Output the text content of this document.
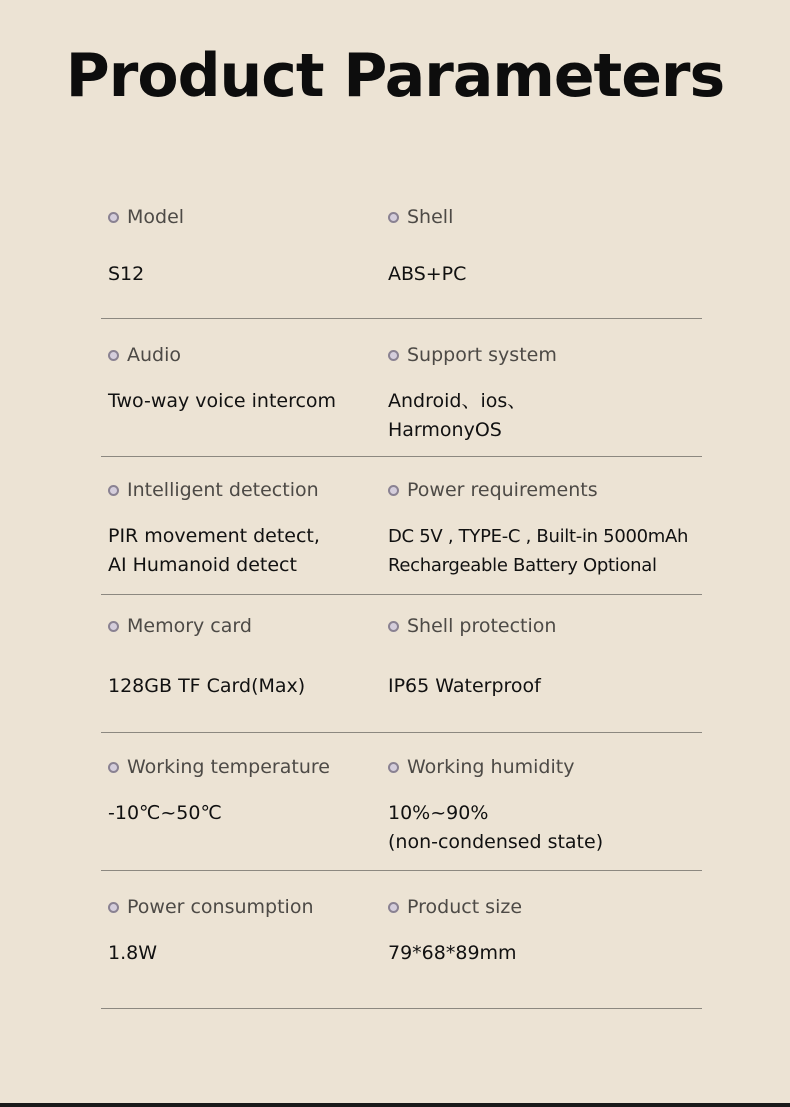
Product Parameters
Model
S12
Shell
ABS+PC
Audio
Two-way voice intercom
Support system
Android、ios、
HarmonyOS
Intelligent detection
PIR movement detect,
AI Humanoid detect
Power requirements
DC 5V , TYPE-C , Built-in 5000mAh
Rechargeable Battery Optional
Memory card
128GB TF Card(Max)
Shell protection
IP65 Waterproof
Working temperature
-10℃~50℃
Working humidity
10%~90%
(non-condensed state)
Power consumption
1.8W
Product size
79*68*89mm
